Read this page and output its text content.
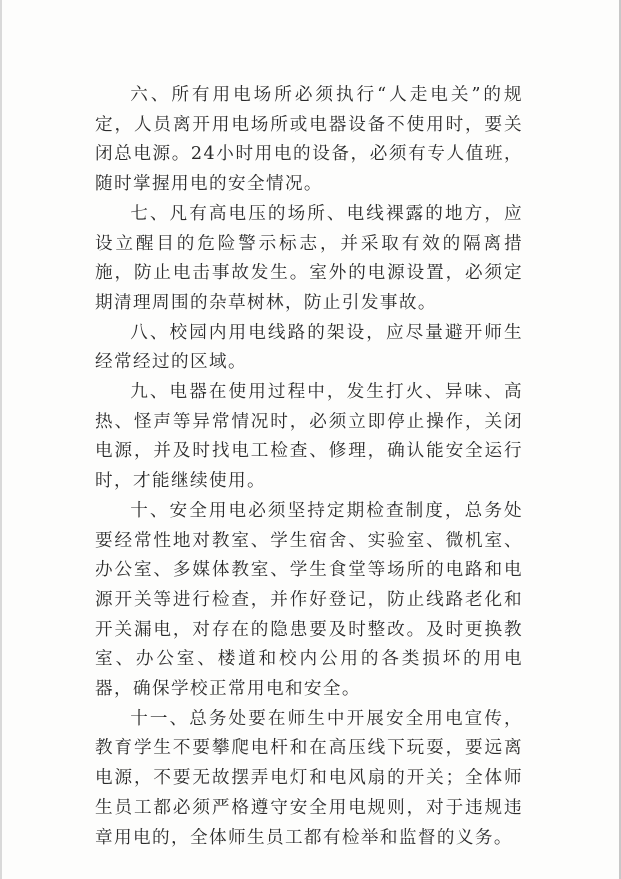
六、所有用电场所必须执行“人走电关”的规定，人员离开用电场所或电器设备不使用时，要关闭总电源。24小时用电的设备，必须有专人值班，随时掌握用电的安全情况。

七、凡有高电压的场所、电线裸露的地方，应设立醒目的危险警示标志，并采取有效的隔离措施，防止电击事故发生。室外的电源设置，必须定期清理周围的杂草树林，防止引发事故。

八、校园内用电线路的架设，应尽量避开师生经常经过的区域。

九、电器在使用过程中，发生打火、异味、高热、怪声等异常情况时，必须立即停止操作，关闭电源，并及时找电工检查、修理，确认能安全运行时，才能继续使用。

十、安全用电必须坚持定期检查制度，总务处要经常性地对教室、学生宿舍、实验室、微机室、办公室、多媒体教室、学生食堂等场所的电路和电源开关等进行检查，并作好登记，防止线路老化和开关漏电，对存在的隐患要及时整改。及时更换教室、办公室、楼道和校内公用的各类损坏的用电器，确保学校正常用电和安全。

十一、总务处要在师生中开展安全用电宣传，教育学生不要攀爬电杆和在高压线下玩耍，要远离电源，不要无故摆弄电灯和电风扇的开关；全体师生员工都必须严格遵守安全用电规则，对于违规违章用电的，全体师生员工都有检举和监督的义务。
